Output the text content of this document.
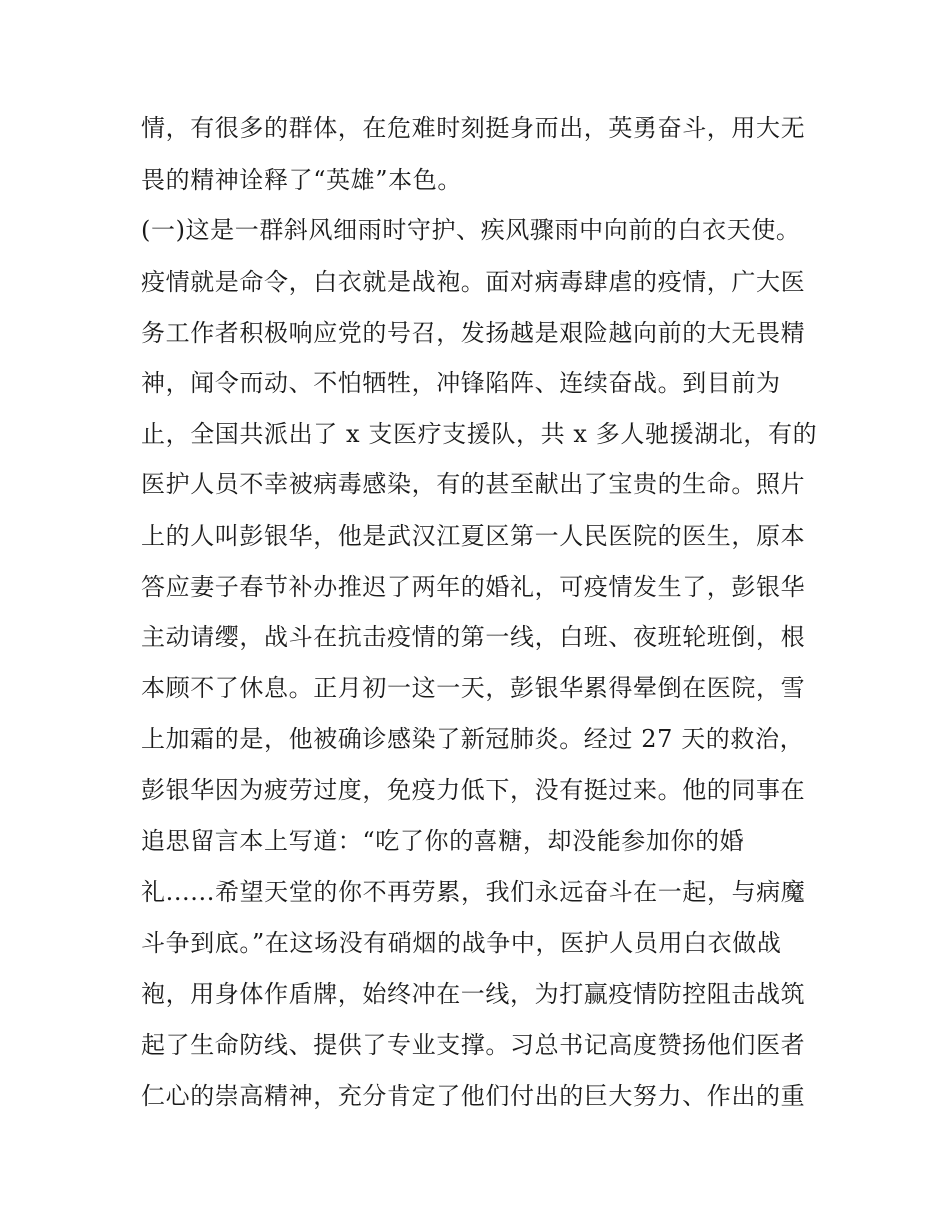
情，有很多的群体，在危难时刻挺身而出，英勇奋斗，用大无
畏的精神诠释了“英雄”本色。
(一)这是一群斜风细雨时守护、疾风骤雨中向前的白衣天使。
疫情就是命令，白衣就是战袍。面对病毒肆虐的疫情，广大医
务工作者积极响应党的号召，发扬越是艰险越向前的大无畏精
神，闻令而动、不怕牺牲，冲锋陷阵、连续奋战。到目前为
止，全国共派出了 x 支医疗支援队，共 x 多人驰援湖北，有的
医护人员不幸被病毒感染，有的甚至献出了宝贵的生命。照片
上的人叫彭银华，他是武汉江夏区第一人民医院的医生，原本
答应妻子春节补办推迟了两年的婚礼，可疫情发生了，彭银华
主动请缨，战斗在抗击疫情的第一线，白班、夜班轮班倒，根
本顾不了休息。正月初一这一天，彭银华累得晕倒在医院，雪
上加霜的是，他被确诊感染了新冠肺炎。经过 27 天的救治，
彭银华因为疲劳过度，免疫力低下，没有挺过来。他的同事在
追思留言本上写道：“吃了你的喜糖，却没能参加你的婚
礼......希望天堂的你不再劳累，我们永远奋斗在一起，与病魔
斗争到底。”在这场没有硝烟的战争中，医护人员用白衣做战
袍，用身体作盾牌，始终冲在一线，为打赢疫情防控阻击战筑
起了生命防线、提供了专业支撑。习总书记高度赞扬他们医者
仁心的崇高精神，充分肯定了他们付出的巨大努力、作出的重
